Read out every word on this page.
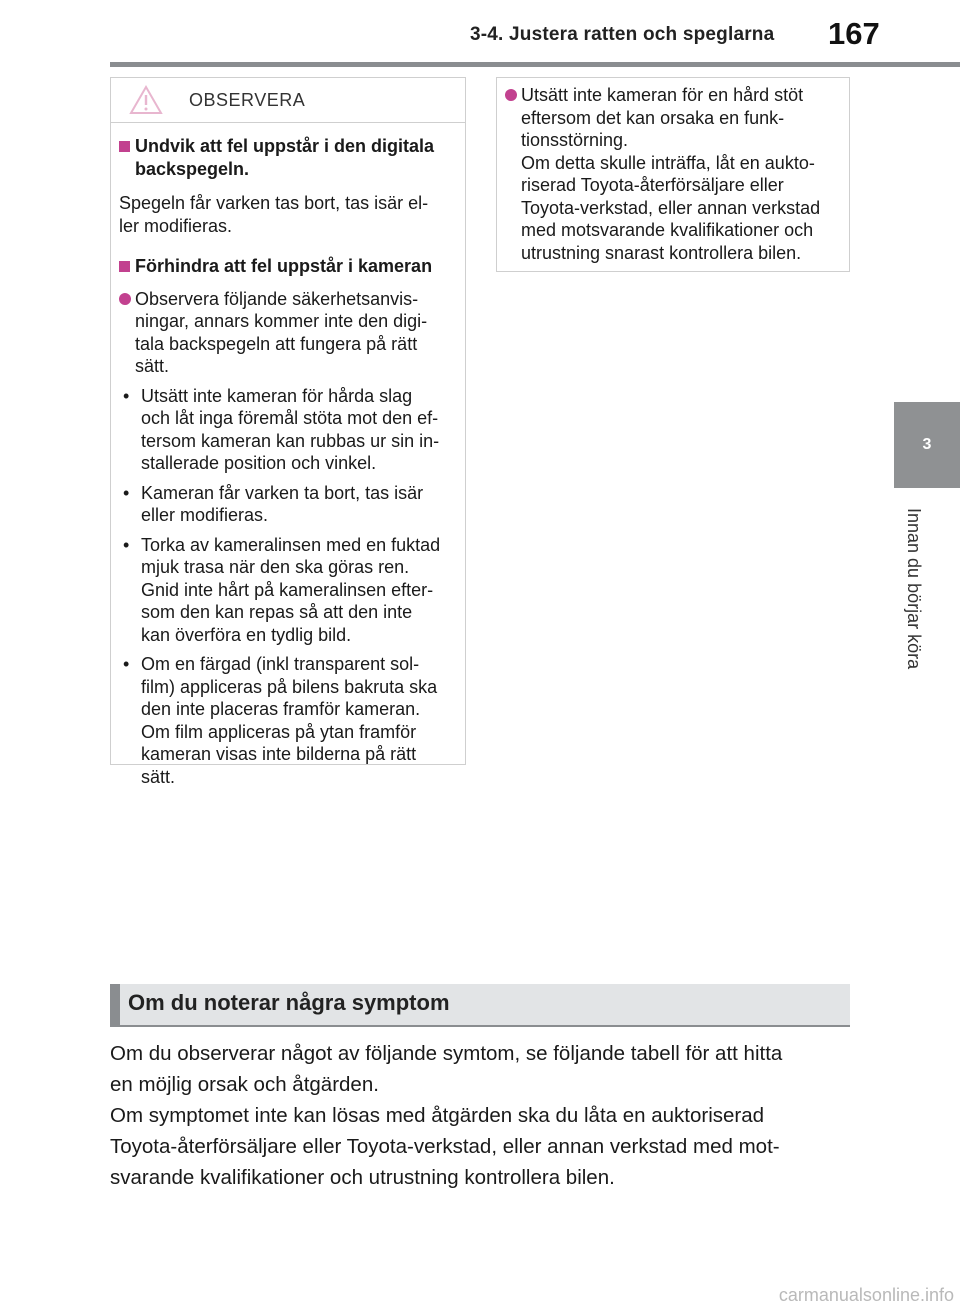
3-4. Justera ratten och speglarna 167
3
Innan du börjar köra
OBSERVERA
Undvik att fel uppstår i den digitala
backspegeln.
Spegeln får varken tas bort, tas isär el-
ler modifieras.
Förhindra att fel uppstår i kameran
Observera följande säkerhetsanvis-
ningar, annars kommer inte den digi-
tala backspegeln att fungera på rätt
sätt.
• Utsätt inte kameran för hårda slag
och låt inga föremål stöta mot den ef-
tersom kameran kan rubbas ur sin in-
stallerade position och vinkel.
• Kameran får varken ta bort, tas isär
eller modifieras.
• Torka av kameralinsen med en fuktad
mjuk trasa när den ska göras ren.
Gnid inte hårt på kameralinsen efter-
som den kan repas så att den inte
kan överföra en tydlig bild.
• Om en färgad (inkl transparent sol-
film) appliceras på bilens bakruta ska
den inte placeras framför kameran.
Om film appliceras på ytan framför
kameran visas inte bilderna på rätt
sätt.
Utsätt inte kameran för en hård stöt
eftersom det kan orsaka en funk-
tionsstörning.
Om detta skulle inträffa, låt en aukto-
riserad Toyota-återförsäljare eller
Toyota-verkstad, eller annan verkstad
med motsvarande kvalifikationer och
utrustning snarast kontrollera bilen.
Om du noterar några symptom
Om du observerar något av följande symtom, se följande tabell för att hitta
en möjlig orsak och åtgärden.
Om symptomet inte kan lösas med åtgärden ska du låta en auktoriserad
Toyota-återförsäljare eller Toyota-verkstad, eller annan verkstad med mot-
svarande kvalifikationer och utrustning kontrollera bilen.
carmanualsonline.info
